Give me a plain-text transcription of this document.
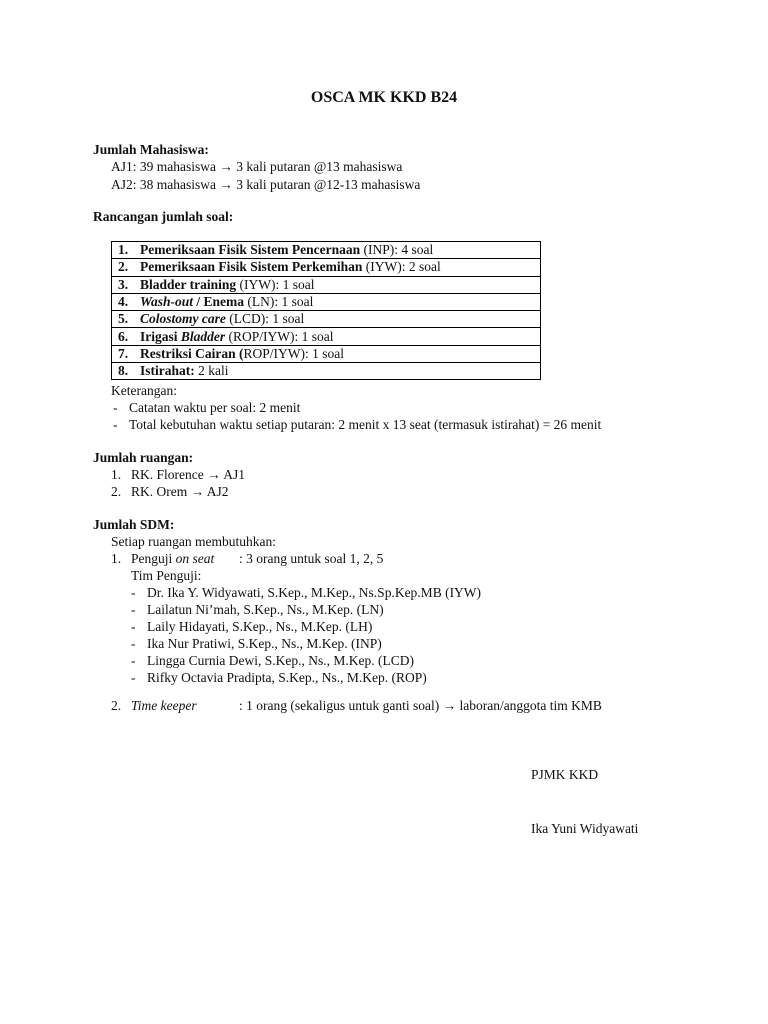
OSCA MK KKD B24
Jumlah Mahasiswa:
AJ1: 39 mahasiswa → 3 kali putaran @13 mahasiswa
AJ2: 38 mahasiswa → 3 kali putaran @12-13 mahasiswa
Rancangan jumlah soal:
1. Pemeriksaan Fisik Sistem Pencernaan (INP): 4 soal
2. Pemeriksaan Fisik Sistem Perkemihan (IYW): 2 soal
3. Bladder training (IYW): 1 soal
4. Wash-out / Enema (LN): 1 soal
5. Colostomy care (LCD): 1 soal
6. Irigasi Bladder (ROP/IYW): 1 soal
7. Restriksi Cairan (ROP/IYW): 1 soal
8. Istirahat: 2 kali
Keterangan:
- Catatan waktu per soal: 2 menit
- Total kebutuhan waktu setiap putaran: 2 menit x 13 seat (termasuk istirahat) = 26 menit
Jumlah ruangan:
1. RK. Florence → AJ1
2. RK. Orem → AJ2
Jumlah SDM:
Setiap ruangan membutuhkan:
1. Penguji on seat : 3 orang untuk soal 1, 2, 5
Tim Penguji:
- Dr. Ika Y. Widyawati, S.Kep., M.Kep., Ns.Sp.Kep.MB (IYW)
- Lailatun Ni’mah, S.Kep., Ns., M.Kep. (LN)
- Laily Hidayati, S.Kep., Ns., M.Kep. (LH)
- Ika Nur Pratiwi, S.Kep., Ns., M.Kep. (INP)
- Lingga Curnia Dewi, S.Kep., Ns., M.Kep. (LCD)
- Rifky Octavia Pradipta, S.Kep., Ns., M.Kep. (ROP)
2. Time keeper	: 1 orang (sekaligus untuk ganti soal) → laboran/anggota tim KMB
PJMK KKD
Ika Yuni Widyawati
